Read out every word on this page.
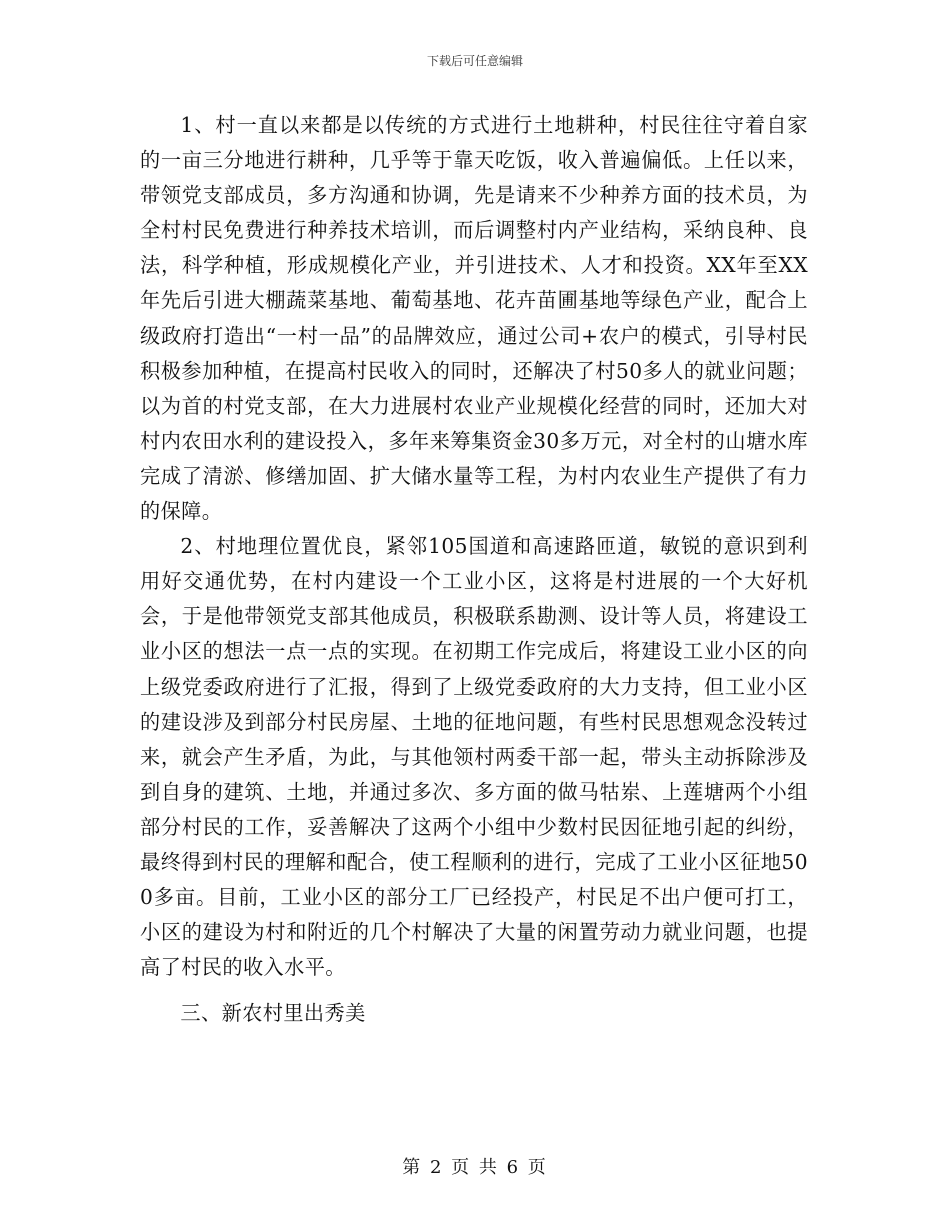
下载后可任意编辑

1、村一直以来都是以传统的方式进行土地耕种，村民往往守着自家的一亩三分地进行耕种，几乎等于靠天吃饭，收入普遍偏低。上任以来，带领党支部成员，多方沟通和协调，先是请来不少种养方面的技术员，为全村村民免费进行种养技术培训，而后调整村内产业结构，采纳良种、良法，科学种植，形成规模化产业，并引进技术、人才和投资。XX年至XX年先后引进大棚蔬菜基地、葡萄基地、花卉苗圃基地等绿色产业，配合上级政府打造出“一村一品”的品牌效应，通过公司+农户的模式，引导村民积极参加种植，在提高村民收入的同时，还解决了村50多人的就业问题；以为首的村党支部，在大力进展村农业产业规模化经营的同时，还加大对村内农田水利的建设投入，多年来筹集资金30多万元，对全村的山塘水库完成了清淤、修缮加固、扩大储水量等工程，为村内农业生产提供了有力的保障。

2、村地理位置优良，紧邻105国道和高速路匝道，敏锐的意识到利用好交通优势，在村内建设一个工业小区，这将是村进展的一个大好机会，于是他带领党支部其他成员，积极联系勘测、设计等人员，将建设工业小区的想法一点一点的实现。在初期工作完成后，将建设工业小区的向上级党委政府进行了汇报，得到了上级党委政府的大力支持，但工业小区的建设涉及到部分村民房屋、土地的征地问题，有些村民思想观念没转过来，就会产生矛盾，为此，与其他领村两委干部一起，带头主动拆除涉及到自身的建筑、土地，并通过多次、多方面的做马牯岽、上莲塘两个小组部分村民的工作，妥善解决了这两个小组中少数村民因征地引起的纠纷，最终得到村民的理解和配合，使工程顺利的进行，完成了工业小区征地500多亩。目前，工业小区的部分工厂已经投产，村民足不出户便可打工，小区的建设为村和附近的几个村解决了大量的闲置劳动力就业问题，也提高了村民的收入水平。

三、新农村里出秀美

第 2 页 共 6 页
